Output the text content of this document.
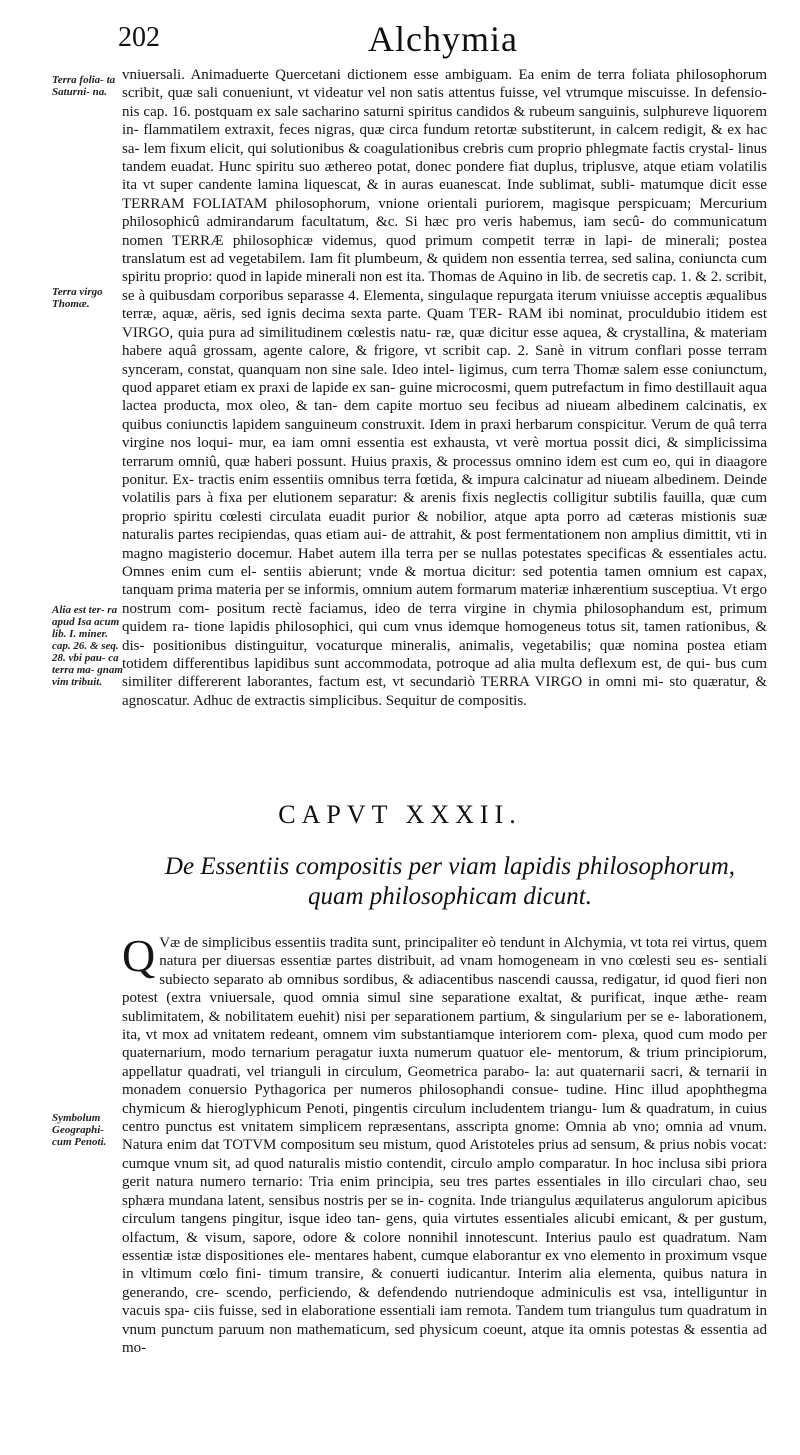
202	Alchymia
Terra folia- ta Saturni- na.
Terra virgo Thomæ.
Alia est ter- ra apud Isa acum lib. I. miner. cap. 26. & seq. 28. vbi pau- ca terra ma- gnam vim tribuit.
Symbolum Geographi- cum Penoti.
vniuersali. Animaduerte Quercetani dictionem esse ambiguam. Ea enim de terra foliata philosophorum scribit, quæ sali conueniunt, vt videatur vel non satis attentus fuisse, vel vtrumque miscuisse. In defensio- nis cap. 16. postquam ex sale sacharino saturni spiritus candidos & rubeum sanguinis, sulphureve liquorem in- flammatilem extraxit, feces nigras, quæ circa fundum retortæ substiterunt, in calcem redigit, & ex hac sa- lem fixum elicit, qui solutionibus & coagulationibus crebris cum proprio phlegmate factis crystal- linus tandem euadat. Hunc spiritu suo æthereo potat, donec pondere fiat duplus, triplusve, atque etiam volatilis ita vt super candente lamina liquescat, & in auras euanescat. Inde sublimat, subli- matumque dicit esse TERRAM FOLIATAM philosophorum, vnione orientali puriorem, magisque perspicuam; Mercurium philosophicû admirandarum facultatum, &c. Si hæc pro veris habemus, iam secû- do communicatum nomen TERRÆ philosophicæ videmus, quod primum competit terræ in lapi- de minerali; postea translatum est ad vegetabilem. Iam fit plumbeum, & quidem non essentia terrea, sed salina, coniuncta cum spiritu proprio: quod in lapide minerali non est ita. Thomas de Aquino in lib. de secretis cap. 1. & 2. scribit, se à quibusdam corporibus separasse 4. Elementa, singulaque repurgata iterum vniuisse acceptis æqualibus terræ, aquæ, aëris, sed ignis decima sexta parte. Quam TER- RAM ibi nominat, proculdubio itidem est VIRGO, quia pura ad similitudinem cœlestis natu- ræ, quæ dicitur esse aquea, & crystallina, & materiam habere aquâ grossam, agente calore, & frigore, vt scribit cap. 2. Sanè in vitrum conflari posse terram synceram, constat, quanquam non sine sale. Ideo intel- ligimus, cum terra Thomæ salem esse coniunctum, quod apparet etiam ex praxi de lapide ex san- guine microcosmi, quem putrefactum in fimo destillauit aqua lactea producta, mox oleo, & tan- dem capite mortuo seu fecibus ad niueam albedinem calcinatis, ex quibus coniunctis lapidem sanguineum construxit. Idem in praxi herbarum conspicitur. Verum de quâ terra virgine nos loqui- mur, ea iam omni essentia est exhausta, vt verè mortua possit dici, & simplicissima terrarum omniû, quæ haberi possunt. Huius praxis, & processus omnino idem est cum eo, qui in diaagore ponitur. Ex- tractis enim essentiis omnibus terra fœtida, & impura calcinatur ad niueam albedinem. Deinde volatilis pars à fixa per elutionem separatur: & arenis fixis neglectis colligitur subtilis fauilla, quæ cum proprio spiritu cœlesti circulata euadit purior & nobilior, atque apta porro ad cæteras mistionis suæ naturalis partes recipiendas, quas etiam aui- de attrahit, & post fermentationem non amplius dimittit, vti in magno magisterio docemur. Habet autem illa terra per se nullas potestates specificas & essentiales actu. Omnes enim cum el- sentiis abierunt; vnde & mortua dicitur: sed potentia tamen omnium est capax, tanquam prima materia per se informis, omnium autem formarum materiæ inhærentium susceptiua. Vt ergo nostrum com- positum rectè faciamus, ideo de terra virgine in chymia philosophandum est, primum quidem ra- tione lapidis philosophici, qui cum vnus idemque homogeneus totus sit, tamen rationibus, & dis- positionibus distinguitur, vocaturque mineralis, animalis, vegetabilis; quæ nomina postea etiam totidem differentibus lapidibus sunt accommodata, potroque ad alia multa deflexum est, de qui- bus cum similiter differerent laborantes, factum est, vt secundariò TERRA VIRGO in omni mi- sto quæratur, & agnoscatur. Adhuc de extractis simplicibus. Sequitur de compositis.
CAPVT XXXII.
De Essentiis compositis per viam lapidis philosophorum, quam philosophicam dicunt.
Q Væ de simplicibus essentiis tradita sunt, principaliter eò tendunt in Alchymia, vt tota rei virtus, quem natura per diuersas essentiæ partes distribuit, ad vnam homogeneam in vno cœlesti seu es- sentiali subiecto separato ab omnibus sordibus, & adiacentibus nascendi caussa, redigatur, id quod fieri non potest (extra vniuersale, quod omnia simul sine separatione exaltat, & purificat, inque æthe- ream sublimitatem, & nobilitatem euehit) nisi per separationem partium, & singularium per se e- laborationem, ita, vt mox ad vnitatem redeant, omnem vim substantiamque interiorem com- plexa, quod cum modo per quaternarium, modo ternarium peragatur iuxta numerum quatuor ele- mentorum, & trium principiorum, appellatur quadrati, vel trianguli in circulum, Geometrica parabo- la: aut quaternarii sacri, & ternarii in monadem conuersio Pythagorica per numeros philosophandi consue- tudine. Hinc illud apophthegma chymicum & hieroglyphicum Penoti, pingentis circulum includentem triangu- lum & quadratum, in cuius centro punctus est vnitatem simplicem repræsentans, asscripta gnome: Omnia ab vno; omnia ad vnum. Natura enim dat TOTVM compositum seu mistum, quod Aristoteles prius ad sensum, & prius nobis vocat: cumque vnum sit, ad quod naturalis mistio contendit, circulo amplo comparatur. In hoc inclusa sibi priora gerit natura numero ternario: Tria enim principia, seu tres partes essentiales in illo circulari chao, seu sphæra mundana latent, sensibus nostris per se in- cognita. Inde triangulus æquilaterus angulorum apicibus circulum tangens pingitur, isque ideo tan- gens, quia virtutes essentiales alicubi emicant, & per gustum, olfactum, & visum, sapore, odore & colore nonnihil innotescunt. Interius paulo est quadratum. Nam essentiæ istæ dispositiones ele- mentares habent, cumque elaborantur ex vno elemento in proximum vsque in vltimum cœlo fini- timum transire, & conuerti iudicantur. Interim alia elementa, quibus natura in generando, cre- scendo, perficiendo, & defendendo nutriendoque adminiculis est vsa, intelliguntur in vacuis spa- ciis fuisse, sed in elaboratione essentiali iam remota. Tandem tum triangulus tum quadratum in vnum punctum paruum non mathematicum, sed physicum coeunt, atque ita omnis potestas & essentia ad mo-
